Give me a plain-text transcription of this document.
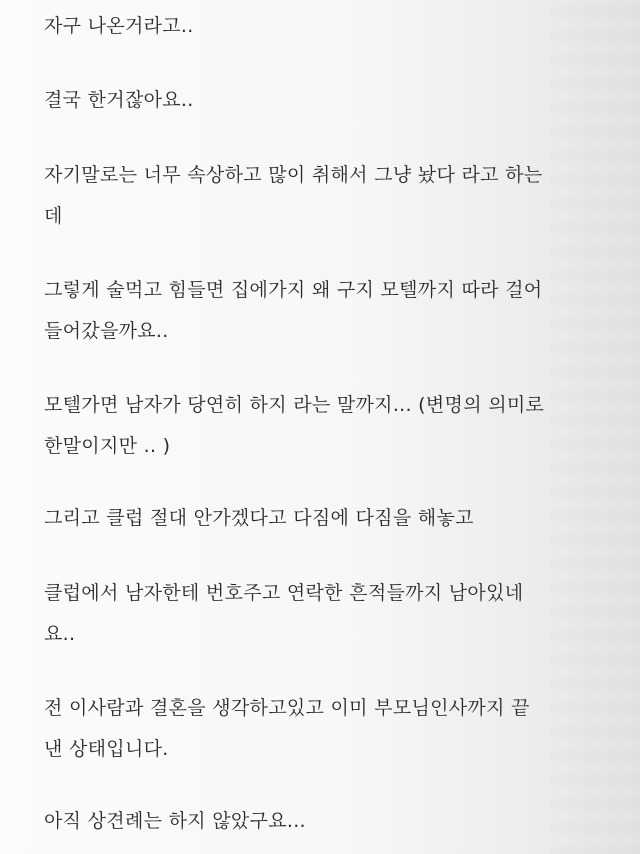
자구 나온거라고..
결국 한거잖아요..
자기말로는 너무 속상하고 많이 취해서 그냥 놨다 라고 하는
데
그렇게 술먹고 힘들면 집에가지 왜 구지 모텔까지 따라 걸어
들어갔을까요..
모텔가면 남자가 당연히 하지 라는 말까지... (변명의 의미로
한말이지만 .. )
그리고 클럽 절대 안가겠다고 다짐에 다짐을 해놓고
클럽에서 남자한테 번호주고 연락한 흔적들까지 남아있네
요..
전 이사람과 결혼을 생각하고있고 이미 부모님인사까지 끝
낸 상태입니다.
아직 상견례는 하지 않았구요...
